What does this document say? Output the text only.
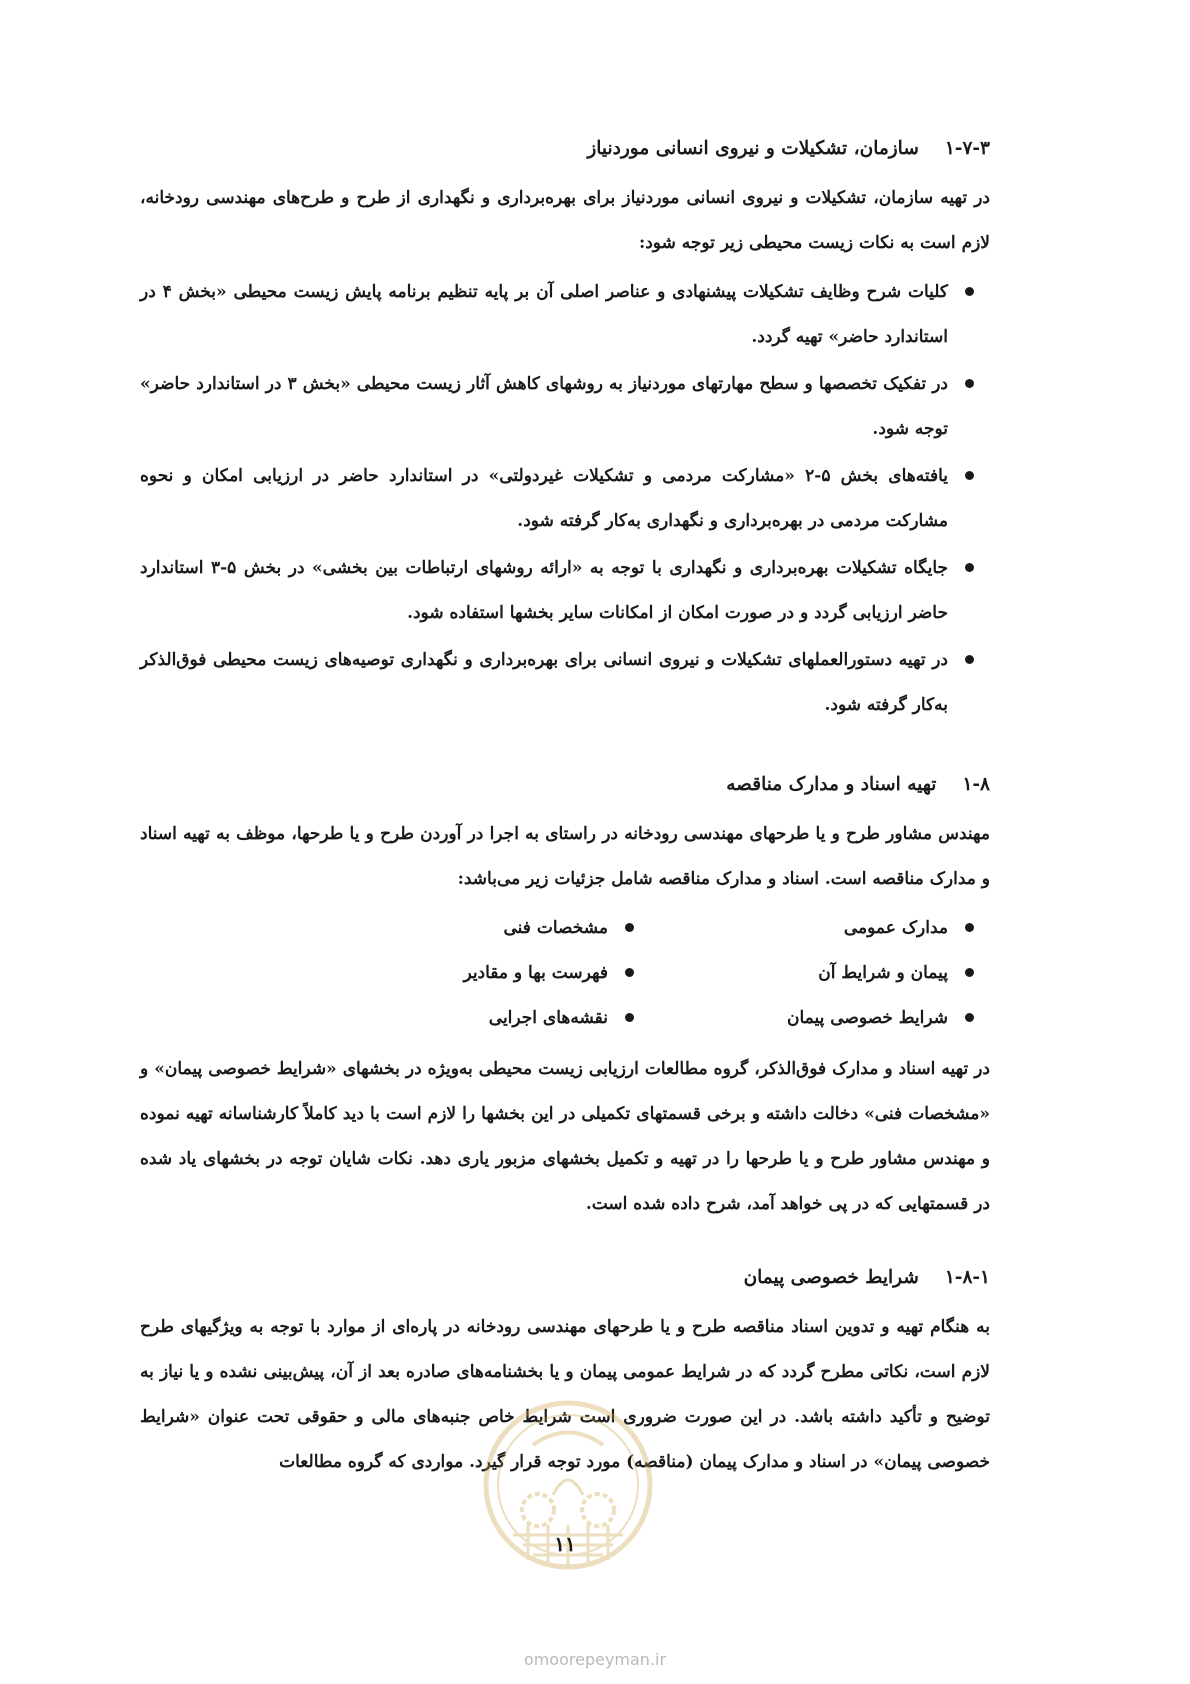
۱-۷-۳سازمان، تشکیلات و نیروی انسانی موردنیاز

در تهیه سازمان، تشکیلات و نیروی انسانی موردنیاز برای بهره‌برداری و نگهداری از طرح و طرح‌های مهندسی رودخانه، لازم است به نکات زیست محیطی زیر توجه شود:

کلیات شرح وظایف تشکیلات پیشنهادی و عناصر اصلی آن بر پایه تنظیم برنامه پایش زیست محیطی «بخش ۴ در استاندارد حاضر» تهیه گردد.
در تفکیک تخصصها و سطح مهارتهای موردنیاز به روشهای کاهش آثار زیست محیطی «بخش ۳ در استاندارد حاضر» توجه شود.
یافته‌های بخش ۵-۲ «مشارکت مردمی و تشکیلات غیردولتی» در استاندارد حاضر در ارزیابی امکان و نحوه مشارکت مردمی در بهره‌برداری و نگهداری به‌کار گرفته شود.
جایگاه تشکیلات بهره‌برداری و نگهداری با توجه به «ارائه روشهای ارتباطات بین بخشی» در بخش ۵-۳ استاندارد حاضر ارزیابی گردد و در صورت امکان از امکانات سایر بخشها استفاده شود.
در تهیه دستورالعملهای تشکیلات و نیروی انسانی برای بهره‌برداری و نگهداری توصیه‌های زیست محیطی فوق‌الذکر به‌کار گرفته شود.
۱-۸تهیه اسناد و مدارک مناقصه

مهندس مشاور طرح و یا طرحهای مهندسی رودخانه در راستای به اجرا در آوردن طرح و یا طرحها، موظف به تهیه اسناد و مدارک مناقصه است. اسناد و مدارک مناقصه شامل جزئیات زیر می‌باشد:

مدارک عمومی
مشخصات فنی
پیمان و شرایط آن
فهرست بها و مقادیر
شرایط خصوصی پیمان
نقشه‌های اجرایی

در تهیه اسناد و مدارک فوق‌الذکر، گروه مطالعات ارزیابی زیست محیطی به‌ویژه در بخشهای «شرایط خصوصی پیمان» و «مشخصات فنی» دخالت داشته و برخی قسمتهای تکمیلی در این بخشها را لازم است با دید کاملاً کارشناسانه تهیه نموده و مهندس مشاور طرح و یا طرحها را در تهیه و تکمیل بخشهای مزبور یاری دهد. نکات شایان توجه در بخشهای یاد شده در قسمتهایی که در پی خواهد آمد، شرح داده شده است.

۱-۸-۱شرایط خصوصی پیمان

به هنگام تهیه و تدوین اسناد مناقصه طرح و یا طرحهای مهندسی رودخانه در پاره‌ای از موارد با توجه به ویژگیهای طرح لازم است، نکاتی مطرح گردد که در شرایط عمومی پیمان و یا بخشنامه‌های صادره بعد از آن، پیش‌بینی نشده و یا نیاز به توضیح و تأکید داشته باشد. در این صورت ضروری است شرایط خاص جنبه‌های مالی و حقوقی تحت عنوان «شرایط خصوصی پیمان» در اسناد و مدارک پیمان (مناقصه) مورد توجه قرار گیرد. مواردی که گروه مطالعات

۱۱
omoorepeyman.ir
